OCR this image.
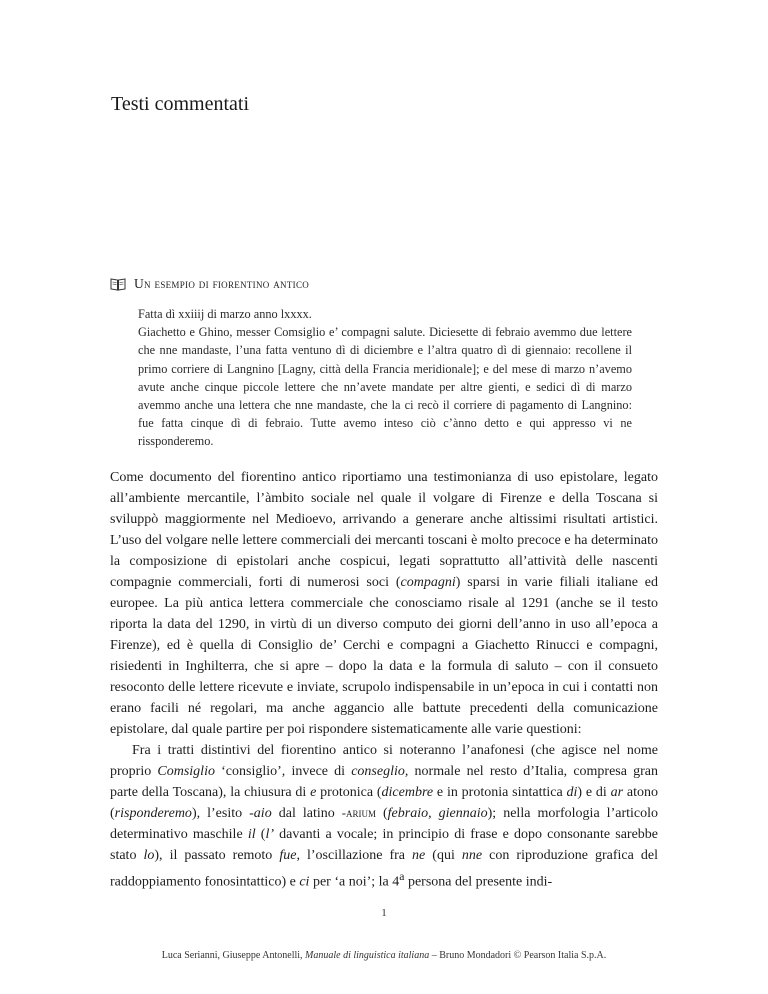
Testi commentati
Un esempio di fiorentino antico

Fatta dì xxiiij di marzo anno lxxxx.

Giachetto e Ghino, messer Comsiglio e’ compagni salute. Diciesette di febraio avemmo due lettere che nne mandaste, l’una fatta ventuno dì di diciembre e l’altra quatro dì di giennaio: recollene il primo corriere di Langnino [Lagny, città della Francia meridionale]; e del mese di marzo n’avemo avute anche cinque piccole lettere che nn’avete mandate per altre gienti, e sedici dì di marzo avemmo anche una lettera che nne mandaste, che la ci recò il corriere di pagamento di Langnino: fue fatta cinque dì di febraio. Tutte avemo inteso ciò c’ànno detto e qui appresso vi ne rissponderemo.

Come documento del fiorentino antico riportiamo una testimonianza di uso epistolare, legato all’ambiente mercantile, l’àmbito sociale nel quale il volgare di Firenze e della Toscana si sviluppò maggiormente nel Medioevo, arrivando a generare anche altissimi risultati artistici. L’uso del volgare nelle lettere commerciali dei mercanti toscani è molto precoce e ha determinato la composizione di epistolari anche cospicui, legati soprattutto all’attività delle nascenti compagnie commerciali, forti di numerosi soci (compagni) sparsi in varie filiali italiane ed europee. La più antica lettera commerciale che conosciamo risale al 1291 (anche se il testo riporta la data del 1290, in virtù di un diverso computo dei giorni dell’anno in uso all’epoca a Firenze), ed è quella di Consiglio de’ Cerchi e compagni a Giachetto Rinucci e compagni, risiedenti in Inghilterra, che si apre – dopo la data e la formula di saluto – con il consueto resoconto delle lettere ricevute e inviate, scrupolo indispensabile in un’epoca in cui i contatti non erano facili né regolari, ma anche aggancio alle battute precedenti della comunicazione epistolare, dal quale partire per poi rispondere sistematicamente alle varie questioni:

Fra i tratti distintivi del fiorentino antico si noteranno l’anafonesi (che agisce nel nome proprio Comsiglio ‘consiglio’, invece di conseglio, normale nel resto d’Italia, compresa gran parte della Toscana), la chiusura di e protonica (dicembre e in protonia sintattica di) e di ar atono (risponderemo), l’esito -aio dal latino -arium (febraio, giennaio); nella morfologia l’articolo determinativo maschile il (l’ davanti a vocale; in principio di frase e dopo consonante sarebbe stato lo), il passato remoto fue, l’oscillazione fra ne (qui nne con riproduzione grafica del raddoppiamento fonosintattico) e ci per ‘a noi’; la 4$^a$ persona del presente indi-

1
Luca Serianni, Giuseppe Antonelli, Manuale di linguistica italiana – Bruno Mondadori © Pearson Italia S.p.A.
